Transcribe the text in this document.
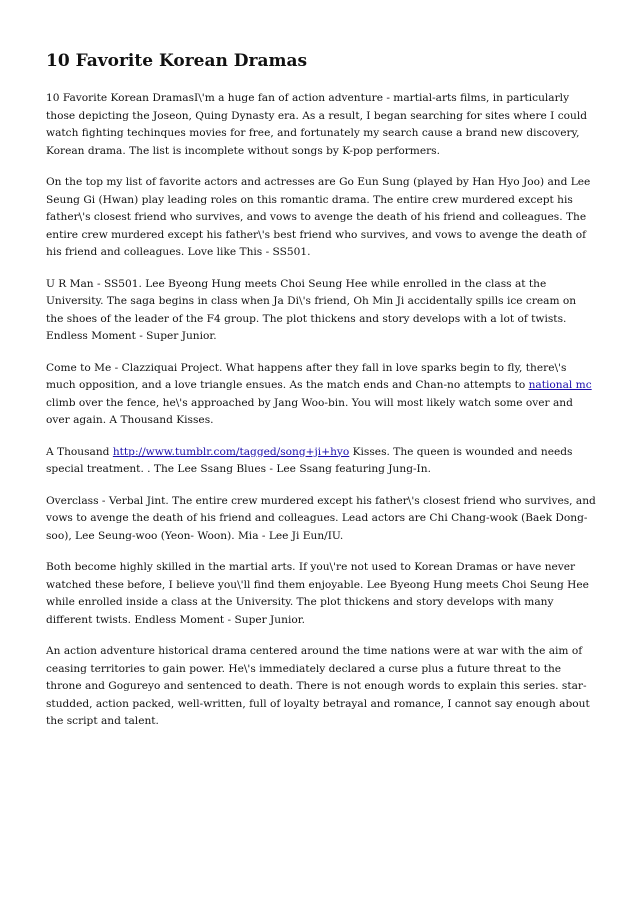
10 Favorite Korean Dramas

10 Favorite Korean DramasI\'m a huge fan of action adventure - martial-arts films, in particularly those depicting the Joseon, Quing Dynasty era. As a result, I began searching for sites where I could watch fighting techinques movies for free, and fortunately my search cause a brand new discovery, Korean drama. The list is incomplete without songs by K-pop performers.

On the top my list of favorite actors and actresses are Go Eun Sung (played by Han Hyo Joo) and Lee Seung Gi (Hwan) play leading roles on this romantic drama. The entire crew murdered except his father\'s closest friend who survives, and vows to avenge the death of his friend and colleagues. The entire crew murdered except his father\'s best friend who survives, and vows to avenge the death of his friend and colleagues. Love like This - SS501.

U R Man - SS501. Lee Byeong Hung meets Choi Seung Hee while enrolled in the class at the University. The saga begins in class when Ja Di\'s friend, Oh Min Ji accidentally spills ice cream on the shoes of the leader of the F4 group. The plot thickens and story develops with a lot of twists. Endless Moment - Super Junior.

Come to Me - Clazziquai Project. What happens after they fall in love sparks begin to fly, there\'s much opposition, and a love triangle ensues. As the match ends and Chan-no attempts to national mc climb over the fence, he\'s approached by Jang Woo-bin. You will most likely watch some over and over again. A Thousand Kisses.

A Thousand http://www.tumblr.com/tagged/song+ji+hyo Kisses. The queen is wounded and needs special treatment. . The Lee Ssang Blues - Lee Ssang featuring Jung-In.

Overclass - Verbal Jint. The entire crew murdered except his father\'s closest friend who survives, and vows to avenge the death of his friend and colleagues. Lead actors are Chi Chang-wook (Baek Dong-soo), Lee Seung-woo (Yeon- Woon). Mia - Lee Ji Eun/IU.

Both become highly skilled in the martial arts. If you\'re not used to Korean Dramas or have never watched these before, I believe you\'ll find them enjoyable. Lee Byeong Hung meets Choi Seung Hee while enrolled inside a class at the University. The plot thickens and story develops with many different twists. Endless Moment - Super Junior.

An action adventure historical drama centered around the time nations were at war with the aim of ceasing territories to gain power. He\'s immediately declared a curse plus a future threat to the throne and Gogureyo and sentenced to death. There is not enough words to explain this series. star-studded, action packed, well-written, full of loyalty betrayal and romance, I cannot say enough about the script and talent.
